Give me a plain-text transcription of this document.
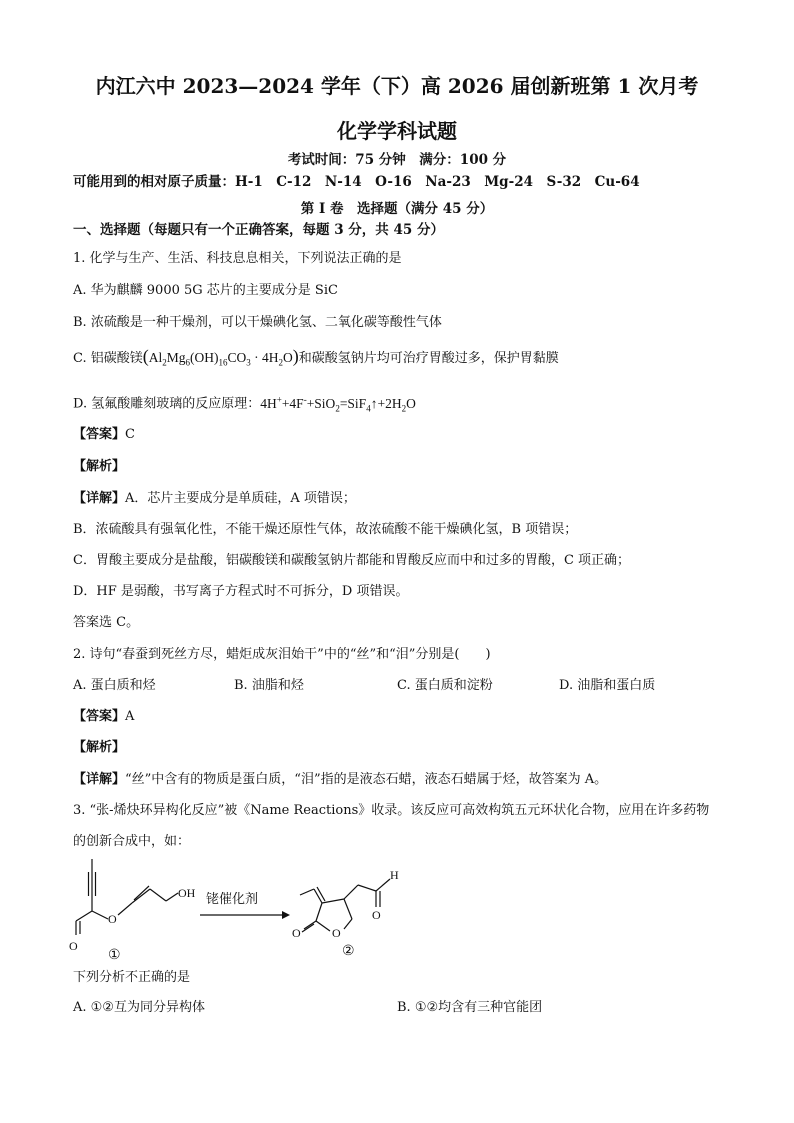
内江六中 2023—2024 学年（下）高 2026 届创新班第 1 次月考
化学学科试题
考试时间：75 分钟　满分：100 分
可能用到的相对原子质量：H-1　C-12　N-14　O-16　Na-23　Mg-24　S-32　Cu-64
第 I 卷　选择题（满分 45 分）
一、选择题（每题只有一个正确答案，每题 3 分，共 45 分）
1. 化学与生产、生活、科技息息相关，下列说法正确的是
A. 华为麒麟 9000 5G 芯片的主要成分是 SiC
B. 浓硫酸是一种干燥剂，可以干燥碘化氢、二氧化碳等酸性气体
C. 铝碳酸镁$(Al_2Mg_6(OH)_{16}CO_3 \cdot 4H_2O)$和碳酸氢钠片均可治疗胃酸过多，保护胃黏膜
D. 氢氟酸雕刻玻璃的反应原理：$4H^++4F^-+SiO_2=SiF_4↑+2H_2O$
【答案】C
【解析】
【详解】A．芯片主要成分是单质硅，A 项错误；
B．浓硫酸具有强氧化性，不能干燥还原性气体，故浓硫酸不能干燥碘化氢，B 项错误；
C．胃酸主要成分是盐酸，铝碳酸镁和碳酸氢钠片都能和胃酸反应而中和过多的胃酸，C 项正确；
D．HF 是弱酸，书写离子方程式时不可拆分，D 项错误。
答案选 C。
2. 诗句“春蚕到死丝方尽，蜡炬成灰泪始干”中的“丝”和“泪”分别是(　　)
A. 蛋白质和烃	B. 油脂和烃	C. 蛋白质和淀粉	D. 油脂和蛋白质
【答案】A
【解析】
【详解】“丝”中含有的物质是蛋白质，“泪”指的是液态石蜡，液态石蜡属于烃，故答案为 A。
3. “张-烯炔环异构化反应”被《Name Reactions》收录。该反应可高效构筑五元环状化合物，应用在许多药物
的创新合成中，如：
O
O
OH
①
铑催化剂
O	O
O
H
②
下列分析不正确的是
A. ①②互为同分异构体	B. ①②均含有三种官能团
